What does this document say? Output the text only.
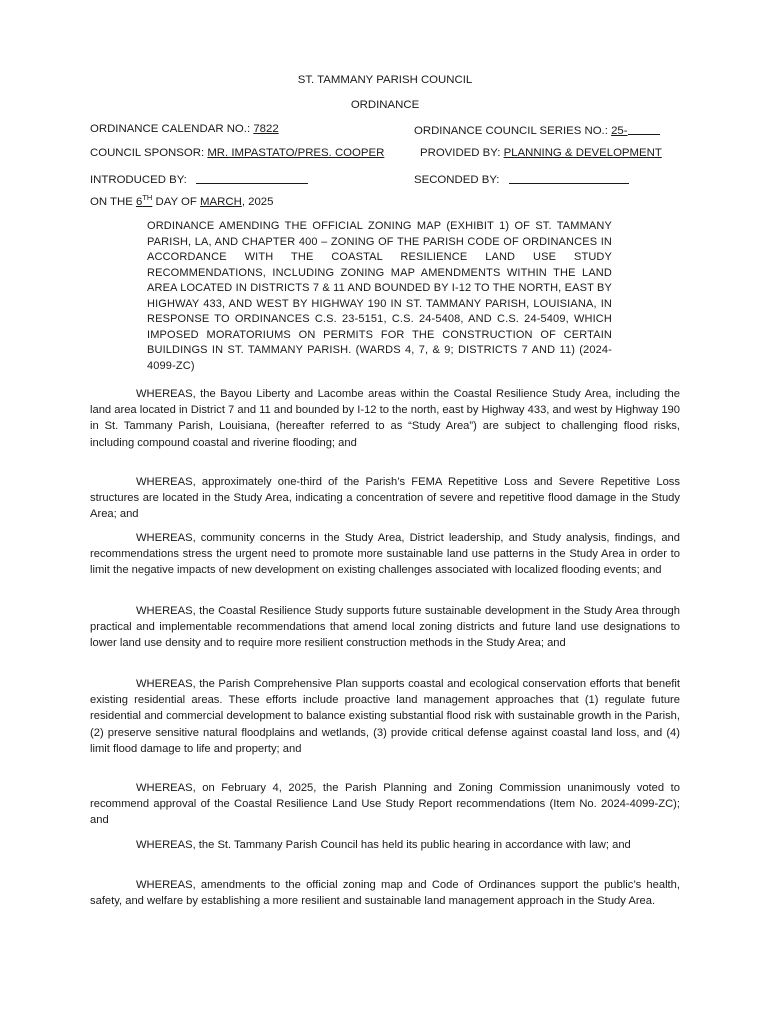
ST. TAMMANY PARISH COUNCIL
ORDINANCE
ORDINANCE CALENDAR NO.: 7822	ORDINANCE COUNCIL SERIES NO.: 25-
COUNCIL SPONSOR: MR. IMPASTATO/PRES. COOPER	PROVIDED BY: PLANNING & DEVELOPMENT
INTRODUCED BY:	SECONDED BY:
ON THE 6TH DAY OF MARCH, 2025
ORDINANCE AMENDING THE OFFICIAL ZONING MAP (EXHIBIT 1) OF ST. TAMMANY PARISH, LA, AND CHAPTER 400 – ZONING OF THE PARISH CODE OF ORDINANCES IN ACCORDANCE WITH THE COASTAL RESILIENCE LAND USE STUDY RECOMMENDATIONS, INCLUDING ZONING MAP AMENDMENTS WITHIN THE LAND AREA LOCATED IN DISTRICTS 7 & 11 AND BOUNDED BY I-12 TO THE NORTH, EAST BY HIGHWAY 433, AND WEST BY HIGHWAY 190 IN ST. TAMMANY PARISH, LOUISIANA, IN RESPONSE TO ORDINANCES C.S. 23-5151, C.S. 24-5408, AND C.S. 24-5409, WHICH IMPOSED MORATORIUMS ON PERMITS FOR THE CONSTRUCTION OF CERTAIN BUILDINGS IN ST. TAMMANY PARISH. (WARDS 4, 7, & 9; DISTRICTS 7 AND 11) (2024-4099-ZC)

WHEREAS, the Bayou Liberty and Lacombe areas within the Coastal Resilience Study Area, including the land area located in District 7 and 11 and bounded by I-12 to the north, east by Highway 433, and west by Highway 190 in St. Tammany Parish, Louisiana, (hereafter referred to as “Study Area”) are subject to challenging flood risks, including compound coastal and riverine flooding; and

WHEREAS, approximately one-third of the Parish’s FEMA Repetitive Loss and Severe Repetitive Loss structures are located in the Study Area, indicating a concentration of severe and repetitive flood damage in the Study Area; and

WHEREAS, community concerns in the Study Area, District leadership, and Study analysis, findings, and recommendations stress the urgent need to promote more sustainable land use patterns in the Study Area in order to limit the negative impacts of new development on existing challenges associated with localized flooding events; and

WHEREAS, the Coastal Resilience Study supports future sustainable development in the Study Area through practical and implementable recommendations that amend local zoning districts and future land use designations to lower land use density and to require more resilient construction methods in the Study Area; and

WHEREAS, the Parish Comprehensive Plan supports coastal and ecological conservation efforts that benefit existing residential areas. These efforts include proactive land management approaches that (1) regulate future residential and commercial development to balance existing substantial flood risk with sustainable growth in the Parish, (2) preserve sensitive natural floodplains and wetlands, (3) provide critical defense against coastal land loss, and (4) limit flood damage to life and property; and

WHEREAS, on February 4, 2025, the Parish Planning and Zoning Commission unanimously voted to recommend approval of the Coastal Resilience Land Use Study Report recommendations (Item No. 2024-4099-ZC); and

WHEREAS, the St. Tammany Parish Council has held its public hearing in accordance with law; and

WHEREAS, amendments to the official zoning map and Code of Ordinances support the public’s health, safety, and welfare by establishing a more resilient and sustainable land management approach in the Study Area.
